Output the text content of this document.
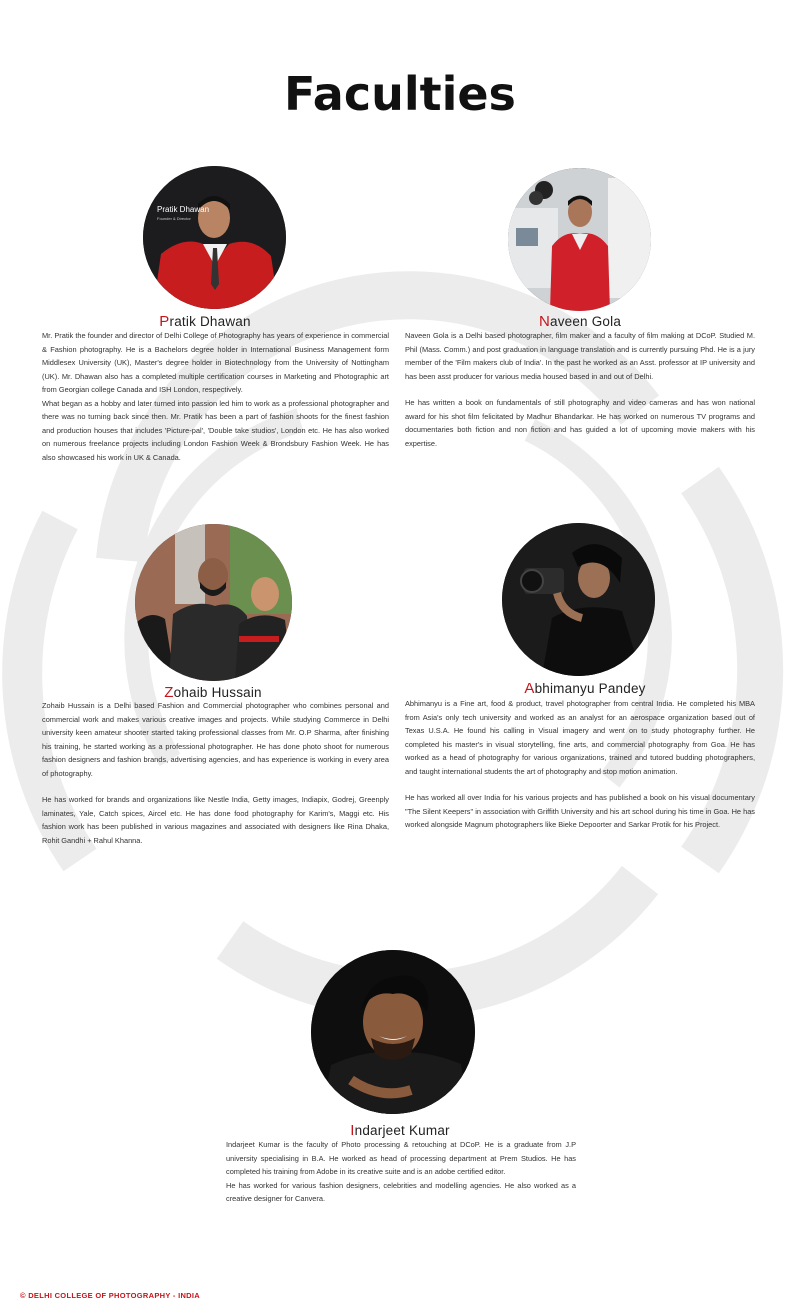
Faculties
Pratik Dhawan
Founder & Director
Pratik Dhawan

Mr. Pratik the founder and director of Delhi College of Photography has years of experience in commercial & Fashion photography. He is a Bachelors degree holder in International Business Management form Middlesex University (UK), Master's degree holder in Biotechnology from the University of Nottingham (UK). Mr. Dhawan also has a completed multiple certification courses in Marketing and Photographic art from Georgian college Canada and ISH London, respectively.

What began as a hobby and later turned into passion led him to work as a professional photographer and there was no turning back since then. Mr. Pratik has been a part of fashion shoots for the finest fashion and production houses that includes 'Picture-pal', 'Double take studios', London etc. He has also worked on numerous freelance projects including London Fashion Week & Brondsbury Fashion Week. He has also showcased his work in UK & Canada.

Naveen Gola

Naveen Gola is a Delhi based photographer, film maker and a faculty of film making at DCoP. Studied M. Phil (Mass. Comm.) and post graduation in language translation and is currently pursuing Phd. He is a jury member of the 'Film makers club of India'. In the past he worked as an Asst. professor at IP university and has been asst producer for various media housed based in and out of Delhi.

He has written a book on fundamentals of still photography and video cameras and has won national award for his shot film felicitated by Madhur Bhandarkar. He has worked on numerous TV programs and documentaries both fiction and non fiction and has guided a lot of upcoming movie makers with his expertise.

Zohaib Hussain

Zohaib Hussain is a Delhi based Fashion and Commercial photographer who combines personal and commercial work and makes various creative images and projects. While studying Commerce in Delhi university keen amateur shooter started taking professional classes from Mr. O.P Sharma, after finishing his training, he started working as a professional photographer. He has done photo shoot for numerous fashion designers and fashion brands, advertising agencies, and has experience is working in every area of photography.

He has worked for brands and organizations like Nestle India, Getty images, Indiapix, Godrej, Greenply laminates, Yale, Catch spices, Aircel etc. He has done food photography for Karim's, Maggi etc. His fashion work has been published in various magazines and associated with designers like Rina Dhaka, Rohit Gandhi + Rahul Khanna.

Abhimanyu Pandey

Abhimanyu is a Fine art, food & product, travel photographer from central India. He completed his MBA from Asia's only tech university and worked as an analyst for an aerospace organization based out of Texas U.S.A. He found his calling in Visual imagery and went on to study photography further. He completed his master's in visual storytelling, fine arts, and commercial photography from Goa. He has worked as a head of photography for various organizations, trained and tutored budding photographers, and taught international students the art of photography and stop motion animation.

He has worked all over India for his various projects and has published a book on his visual documentary "The Silent Keepers" in association with Griffith University and his art school during his time in Goa. He has worked alongside Magnum photographers like Bieke Depoorter and Sarkar Protik for his Project.

Indarjeet Kumar

Indarjeet Kumar is the faculty of Photo processing & retouching at DCoP. He is a graduate from J.P university specialising in B.A. He worked as head of processing department at Prem Studios. He has completed his training from Adobe in its creative suite and is an adobe certified editor.

He has worked for various fashion designers, celebrities and modelling agencies. He also worked as a creative designer for Canvera.

© DELHI COLLEGE OF PHOTOGRAPHY - INDIA
